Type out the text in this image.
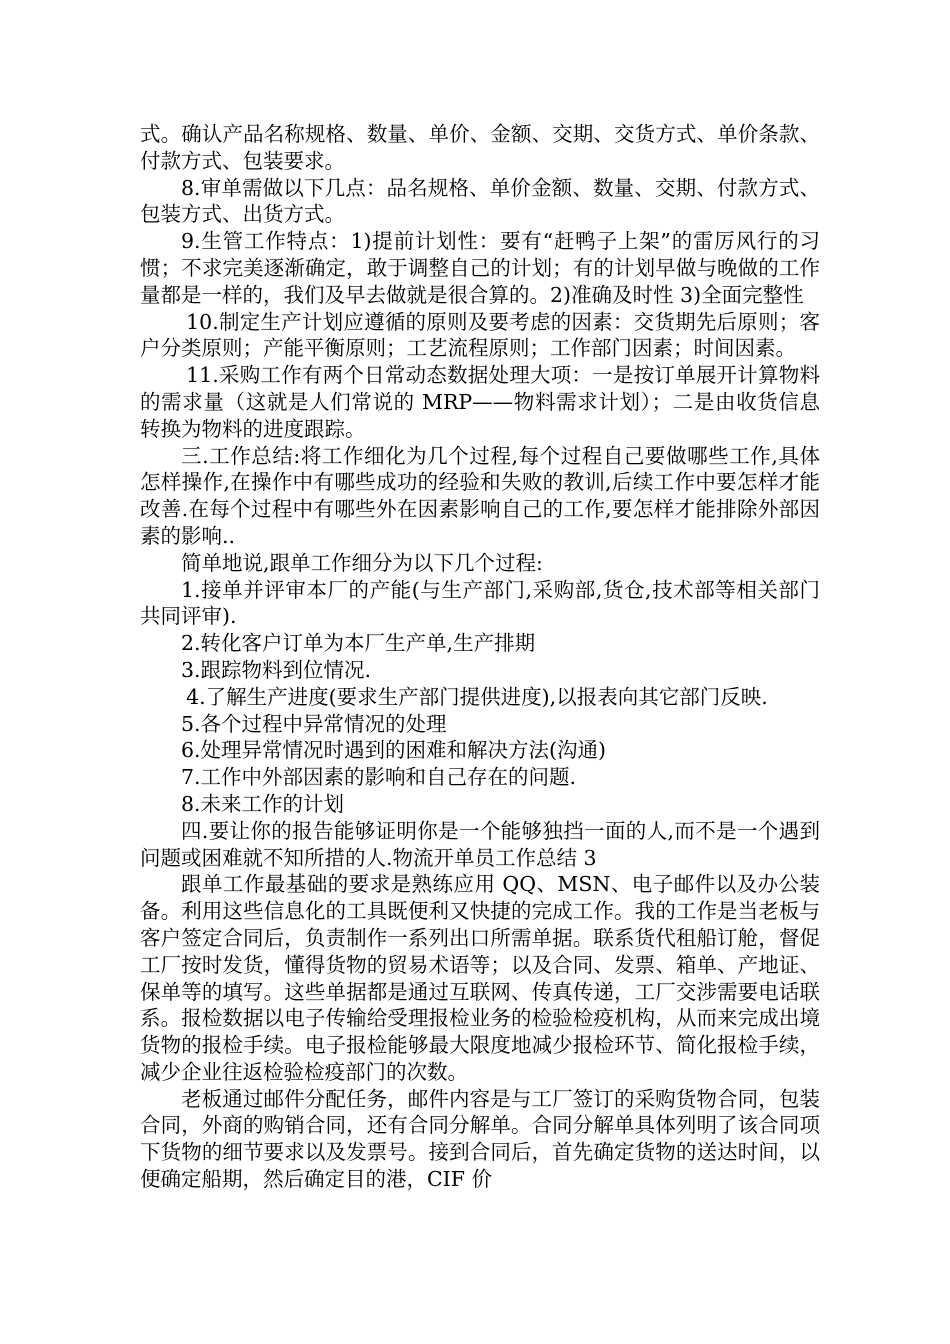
式。确认产品名称规格、数量、单价、金额、交期、交货方式、单价条款、付款方式、包装要求。

8.审单需做以下几点：品名规格、单价金额、数量、交期、付款方式、包装方式、出货方式。

9.生管工作特点：1)提前计划性：要有“赶鸭子上架”的雷厉风行的习惯；不求完美逐渐确定，敢于调整自己的计划；有的计划早做与晚做的工作量都是一样的，我们及早去做就是很合算的。2)准确及时性 3)全面完整性

10.制定生产计划应遵循的原则及要考虑的因素：交货期先后原则；客户分类原则；产能平衡原则；工艺流程原则；工作部门因素；时间因素。

11.采购工作有两个日常动态数据处理大项：一是按订单展开计算物料的需求量（这就是人们常说的 MRP——物料需求计划）；二是由收货信息转换为物料的进度跟踪。

三.工作总结:将工作细化为几个过程,每个过程自己要做哪些工作,具体怎样操作,在操作中有哪些成功的经验和失败的教训,后续工作中要怎样才能改善.在每个过程中有哪些外在因素影响自己的工作,要怎样才能排除外部因素的影响..

简单地说,跟单工作细分为以下几个过程:

1.接单并评审本厂的产能(与生产部门,采购部,货仓,技术部等相关部门共同评审).

2.转化客户订单为本厂生产单,生产排期

3.跟踪物料到位情况.

4.了解生产进度(要求生产部门提供进度),以报表向其它部门反映.

5.各个过程中异常情况的处理

6.处理异常情况时遇到的困难和解决方法(沟通)

7.工作中外部因素的影响和自己存在的问题.

8.未来工作的计划

四.要让你的报告能够证明你是一个能够独挡一面的人,而不是一个遇到问题或困难就不知所措的人.物流开单员工作总结 3

跟单工作最基础的要求是熟练应用 QQ、MSN、电子邮件以及办公装备。利用这些信息化的工具既便利又快捷的完成工作。我的工作是当老板与客户签定合同后，负责制作一系列出口所需单据。联系货代租船订舱，督促工厂按时发货，懂得货物的贸易术语等；以及合同、发票、箱单、产地证、保单等的填写。这些单据都是通过互联网、传真传递，工厂交涉需要电话联系。报检数据以电子传输给受理报检业务的检验检疫机构，从而来完成出境货物的报检手续。电子报检能够最大限度地减少报检环节、简化报检手续，减少企业往返检验检疫部门的次数。

老板通过邮件分配任务，邮件内容是与工厂签订的采购货物合同，包装合同，外商的购销合同，还有合同分解单。合同分解单具体列明了该合同项下货物的细节要求以及发票号。接到合同后，首先确定货物的送达时间，以便确定船期，然后确定目的港，CIF 价
